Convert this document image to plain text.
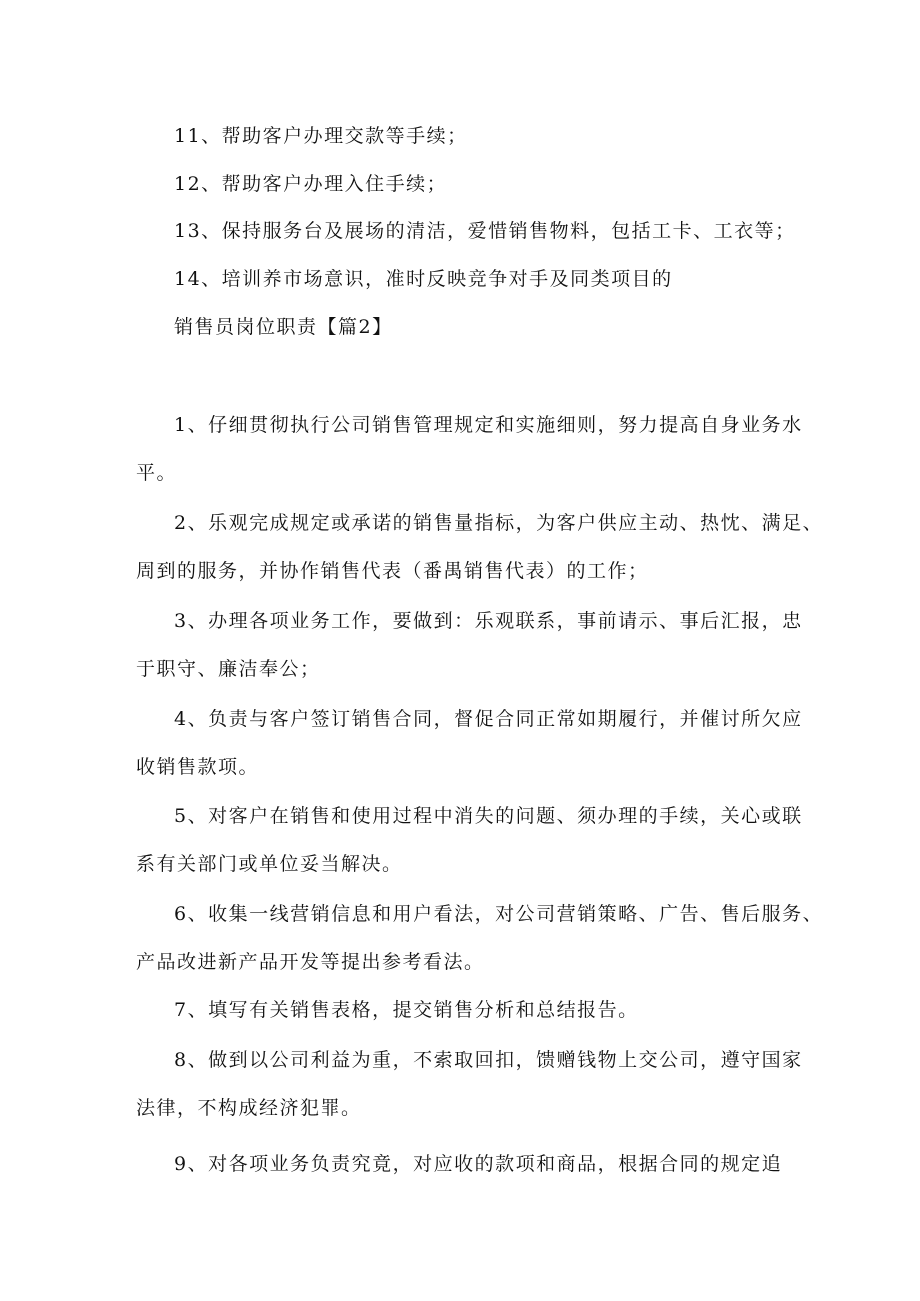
11、帮助客户办理交款等手续；
12、帮助客户办理入住手续；
13、保持服务台及展场的清洁，爱惜销售物料，包括工卡、工衣等；
14、培训养市场意识，准时反映竞争对手及同类项目的
销售员岗位职责【篇2】
1、仔细贯彻执行公司销售管理规定和实施细则，努力提高自身业务水
平。
2、乐观完成规定或承诺的销售量指标，为客户供应主动、热忱、满足、
周到的服务，并协作销售代表（番禺销售代表）的工作；
3、办理各项业务工作，要做到：乐观联系，事前请示、事后汇报，忠
于职守、廉洁奉公；
4、负责与客户签订销售合同，督促合同正常如期履行，并催讨所欠应
收销售款项。
5、对客户在销售和使用过程中消失的问题、须办理的手续，关心或联
系有关部门或单位妥当解决。
6、收集一线营销信息和用户看法，对公司营销策略、广告、售后服务、
产品改进新产品开发等提出参考看法。
7、填写有关销售表格，提交销售分析和总结报告。
8、做到以公司利益为重，不索取回扣，馈赠钱物上交公司，遵守国家
法律，不构成经济犯罪。
9、对各项业务负责究竟，对应收的款项和商品，根据合同的规定追
